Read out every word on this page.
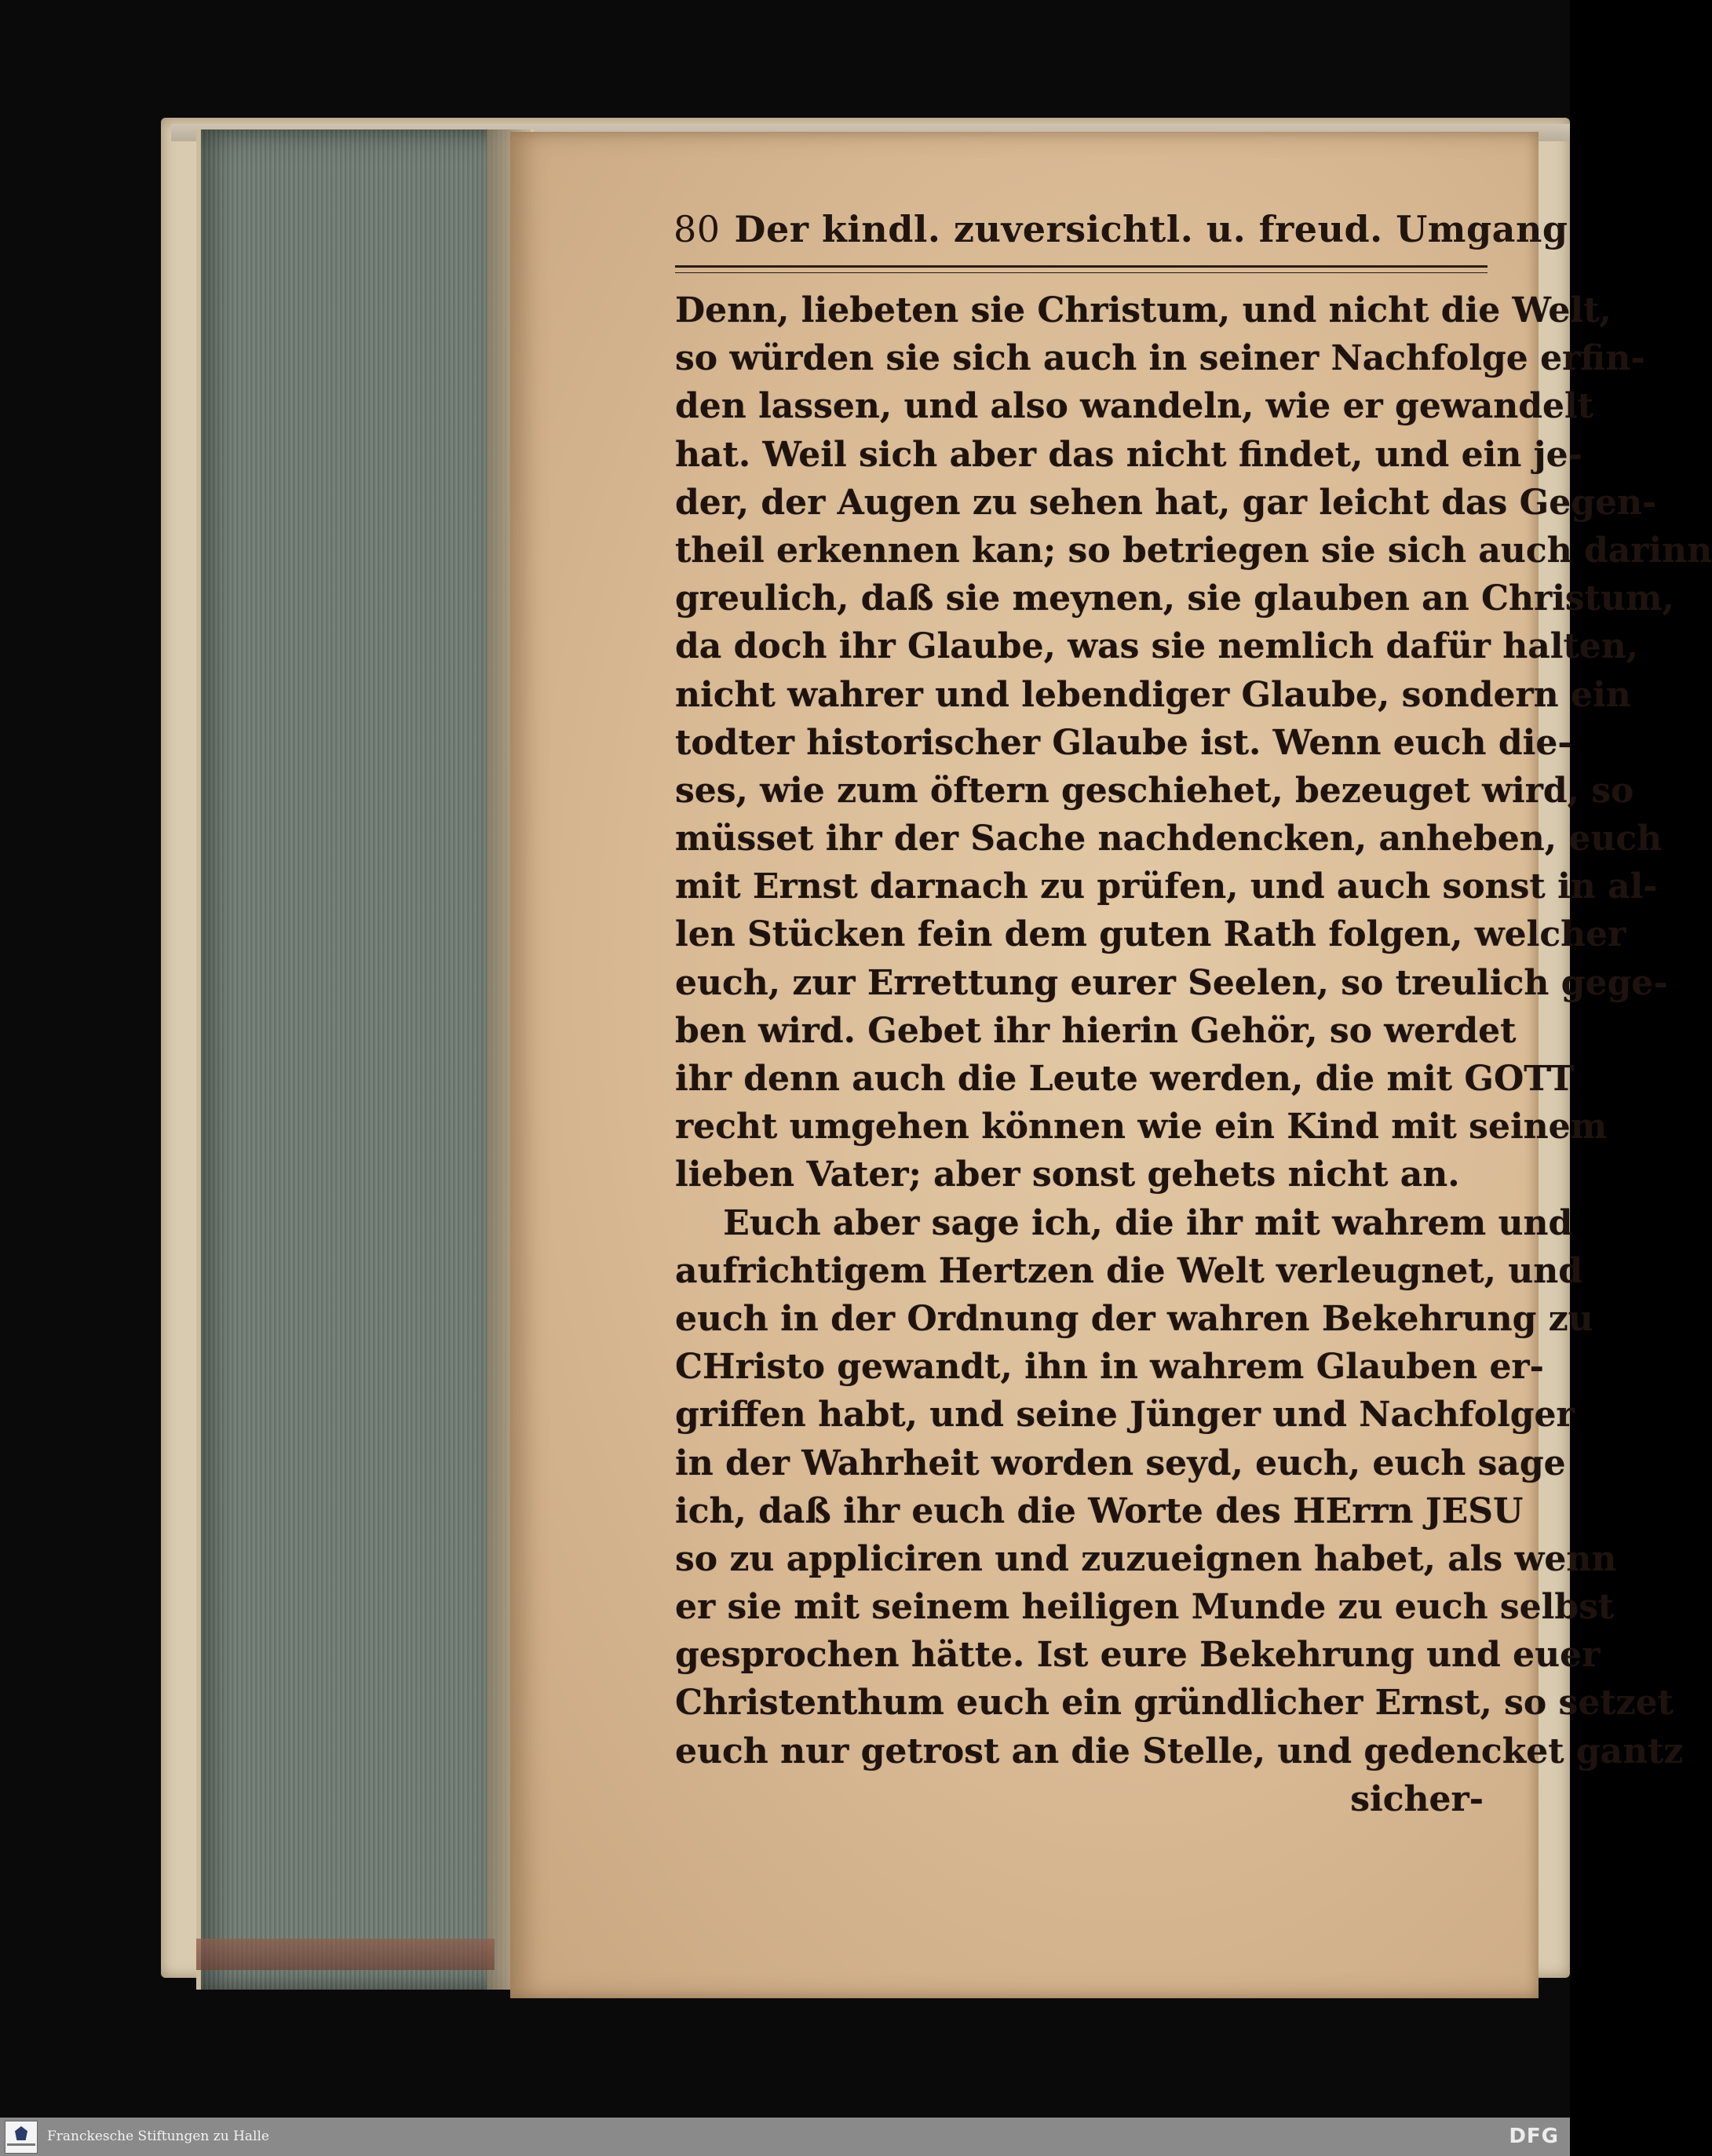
80 Der kindl. zuversichtl. u. freud. Umgang
Denn, liebeten sie Christum, und nicht die Welt,
so würden sie sich auch in seiner Nachfolge erfin-
den lassen, und also wandeln, wie er gewandelt
hat. Weil sich aber das nicht findet, und ein je-
der, der Augen zu sehen hat, gar leicht das Gegen-
theil erkennen kan; so betriegen sie sich auch darinn
greulich, daß sie meynen, sie glauben an Christum,
da doch ihr Glaube, was sie nemlich dafür halten,
nicht wahrer und lebendiger Glaube, sondern ein
todter historischer Glaube ist. Wenn euch die-
ses, wie zum öftern geschiehet, bezeuget wird, so
müsset ihr der Sache nachdencken, anheben, euch
mit Ernst darnach zu prüfen, und auch sonst in al-
len Stücken fein dem guten Rath folgen, welcher
euch, zur Errettung eurer Seelen, so treulich gege-
ben wird. Gebet ihr hierin Gehör, so werdet
ihr denn auch die Leute werden, die mit GOTT
recht umgehen können wie ein Kind mit seinem
lieben Vater; aber sonst gehets nicht an.
Euch aber sage ich, die ihr mit wahrem und
aufrichtigem Hertzen die Welt verleugnet, und
euch in der Ordnung der wahren Bekehrung zu
CHristo gewandt, ihn in wahrem Glauben er-
griffen habt, und seine Jünger und Nachfolger
in der Wahrheit worden seyd, euch, euch sage
ich, daß ihr euch die Worte des HErrn JESU
so zu appliciren und zuzueignen habet, als wenn
er sie mit seinem heiligen Munde zu euch selbst
gesprochen hätte. Ist eure Bekehrung und euer
Christenthum euch ein gründlicher Ernst, so setzet
euch nur getrost an die Stelle, und gedencket gantz
sicher-
Franckesche Stiftungen zu Halle	DFG
